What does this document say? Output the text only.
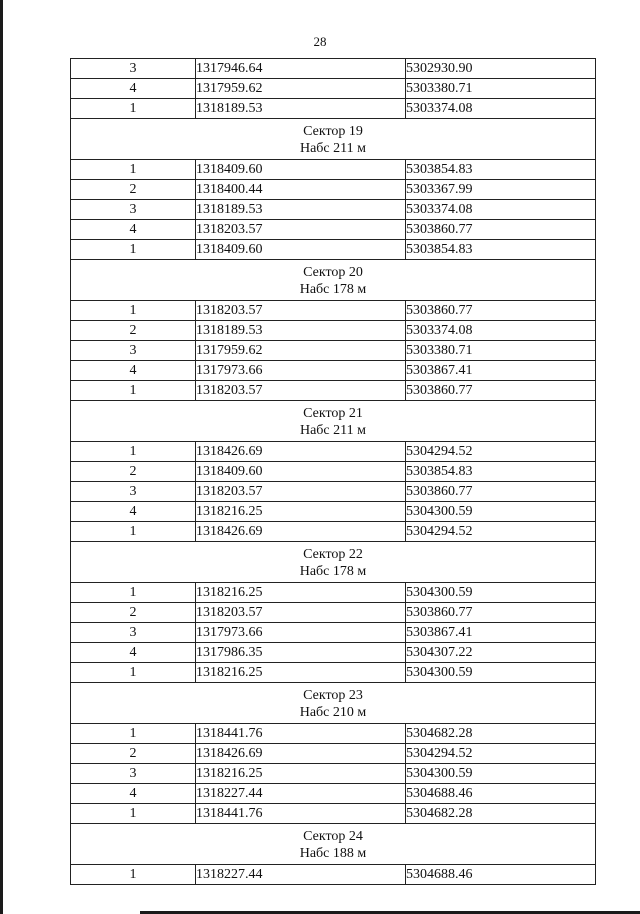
28
3	1317946.64	5302930.90
4	1317959.62	5303380.71
1	1318189.53	5303374.08

Сектор 19
Набс 211 м		

1	1318409.60	5303854.83
2	1318400.44	5303367.99
3	1318189.53	5303374.08
4	1318203.57	5303860.77
1	1318409.60	5303854.83

Сектор 20
Набс 178 м		

1	1318203.57	5303860.77
2	1318189.53	5303374.08
3	1317959.62	5303380.71
4	1317973.66	5303867.41
1	1318203.57	5303860.77

Сектор 21
Набс 211 м		

1	1318426.69	5304294.52
2	1318409.60	5303854.83
3	1318203.57	5303860.77
4	1318216.25	5304300.59
1	1318426.69	5304294.52

Сектор 22
Набс 178 м		

1	1318216.25	5304300.59
2	1318203.57	5303860.77
3	1317973.66	5303867.41
4	1317986.35	5304307.22
1	1318216.25	5304300.59

Сектор 23
Набс 210 м		

1	1318441.76	5304682.28
2	1318426.69	5304294.52
3	1318216.25	5304300.59
4	1318227.44	5304688.46
1	1318441.76	5304682.28

Сектор 24
Набс 188 м		

1	1318227.44	5304688.46
